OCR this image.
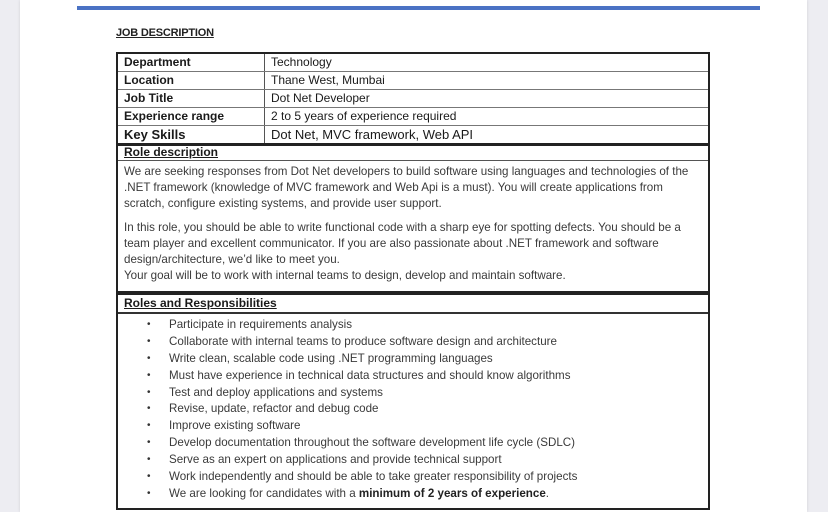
JOB DESCRIPTION
Department	Technology
Location	Thane West, Mumbai
Job Title	Dot Net Developer
Experience range	2 to 5 years of experience required
Key Skills	Dot Net, MVC framework, Web API
Role description

We are seeking responses from Dot Net developers to build software using languages and technologies of the .NET framework (knowledge of MVC framework and Web Api is a must). You will create applications from scratch, configure existing systems, and provide user support.

In this role, you should be able to write functional code with a sharp eye for spotting defects. You should be a team player and excellent communicator. If you are also passionate about .NET framework and software design/architecture, we’d like to meet you.

Your goal will be to work with internal teams to design, develop and maintain software.

Roles and Responsibilities
• Participate in requirements analysis
• Collaborate with internal teams to produce software design and architecture
• Write clean, scalable code using .NET programming languages
• Must have experience in technical data structures and should know algorithms
• Test and deploy applications and systems
• Revise, update, refactor and debug code
• Improve existing software
• Develop documentation throughout the software development life cycle (SDLC)
• Serve as an expert on applications and provide technical support
• Work independently and should be able to take greater responsibility of projects
• We are looking for candidates with a minimum of 2 years of experience.
